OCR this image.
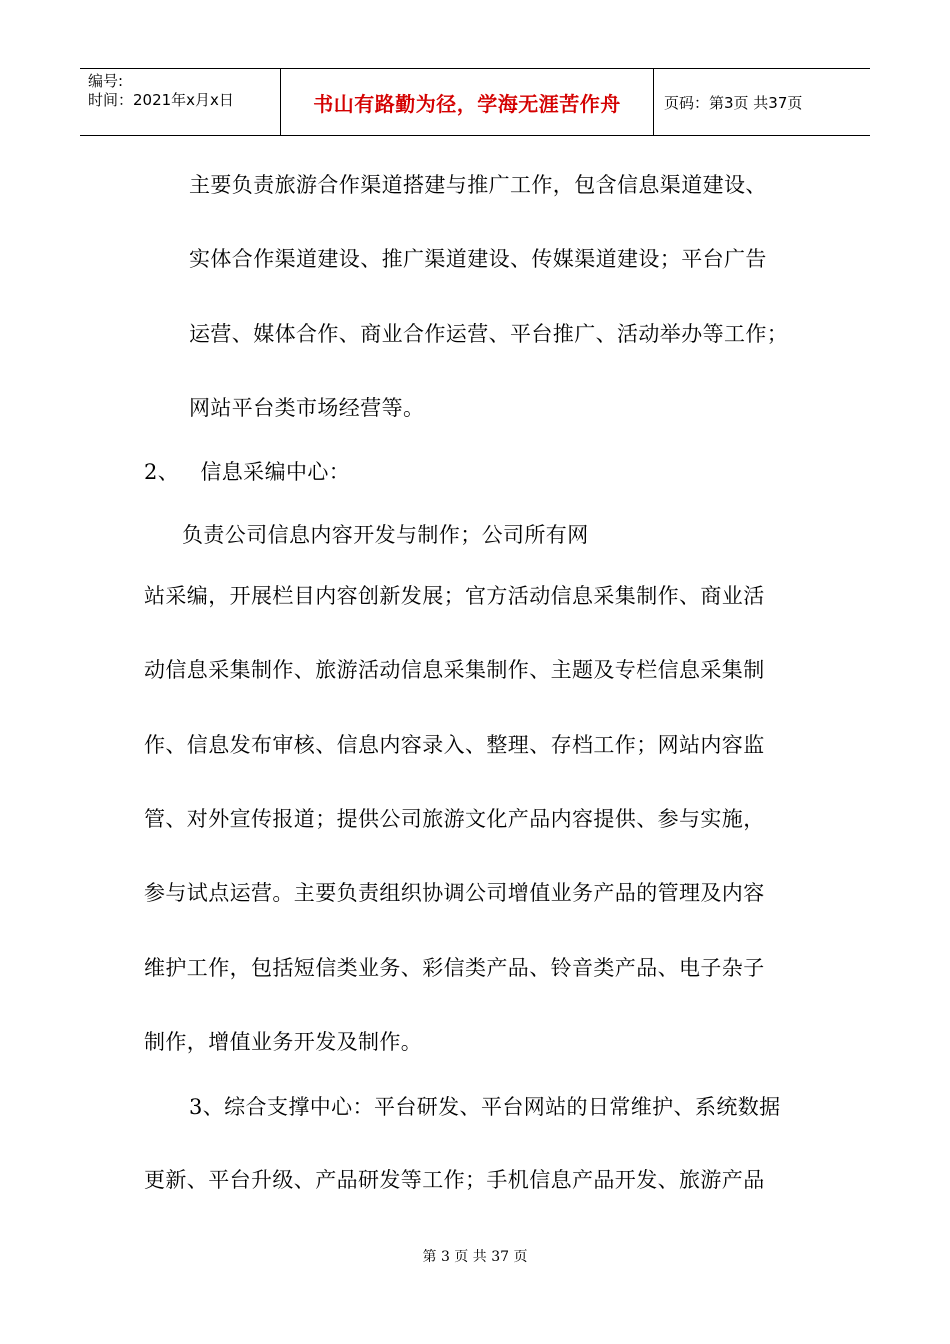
编号:
时间：2021年x月x日	书山有路勤为径，学海无涯苦作舟	页码：第3页 共37页
主要负责旅游合作渠道搭建与推广工作，包含信息渠道建设、
实体合作渠道建设、推广渠道建设、传媒渠道建设；平台广告
运营、媒体合作、商业合作运营、平台推广、活动举办等工作；
网站平台类市场经营等。
2、   信息采编中心：
负责公司信息内容开发与制作；公司所有网
站采编，开展栏目内容创新发展；官方活动信息采集制作、商业活
动信息采集制作、旅游活动信息采集制作、主题及专栏信息采集制
作、信息发布审核、信息内容录入、整理、存档工作；网站内容监
管、对外宣传报道；提供公司旅游文化产品内容提供、参与实施，
参与试点运营。主要负责组织协调公司增值业务产品的管理及内容
维护工作，包括短信类业务、彩信类产品、铃音类产品、电子杂子
制作，增值业务开发及制作。
3、综合支撑中心：平台研发、平台网站的日常维护、系统数据
更新、平台升级、产品研发等工作；手机信息产品开发、旅游产品
第 3 页 共 37 页
